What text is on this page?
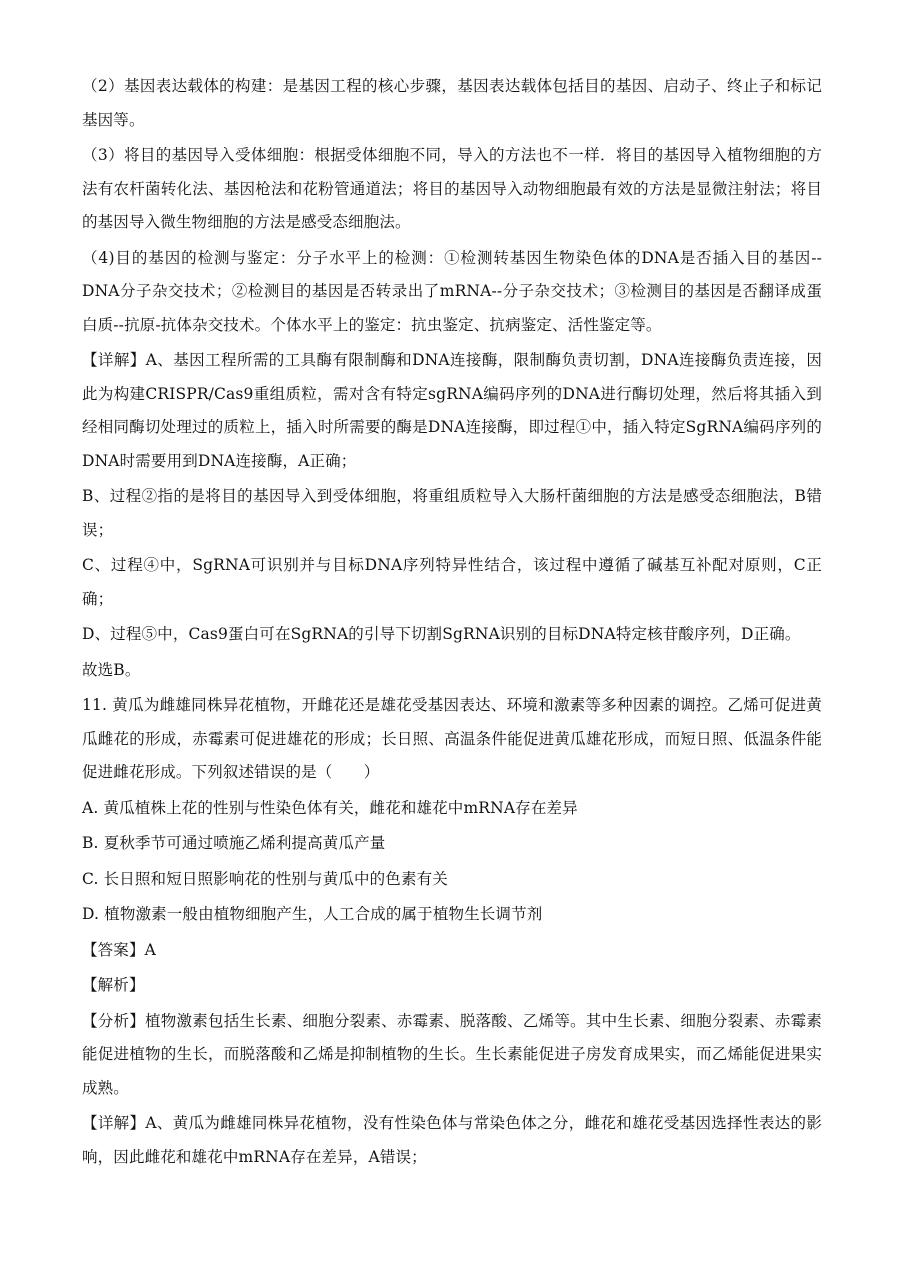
（2）基因表达载体的构建：是基因工程的核心步骤，基因表达载体包括目的基因、启动子、终止子和标记基因等。

（3）将目的基因导入受体细胞：根据受体细胞不同，导入的方法也不一样．将目的基因导入植物细胞的方法有农杆菌转化法、基因枪法和花粉管通道法；将目的基因导入动物细胞最有效的方法是显微注射法；将目的基因导入微生物细胞的方法是感受态细胞法。

（4)目的基因的检测与鉴定：分子水平上的检测：①检测转基因生物染色体的DNA是否插入目的基因--DNA分子杂交技术；②检测目的基因是否转录出了mRNA--分子杂交技术；③检测目的基因是否翻译成蛋白质--抗原-抗体杂交技术。个体水平上的鉴定：抗虫鉴定、抗病鉴定、活性鉴定等。

【详解】A、基因工程所需的工具酶有限制酶和DNA连接酶，限制酶负责切割，DNA连接酶负责连接，因此为构建CRISPR/Cas9重组质粒，需对含有特定sgRNA编码序列的DNA进行酶切处理，然后将其插入到经相同酶切处理过的质粒上，插入时所需要的酶是DNA连接酶，即过程①中，插入特定SgRNA编码序列的DNA时需要用到DNA连接酶，A正确；

B、过程②指的是将目的基因导入到受体细胞，将重组质粒导入大肠杆菌细胞的方法是感受态细胞法，B错误；

C、过程④中，SgRNA可识别并与目标DNA序列特异性结合，该过程中遵循了碱基互补配对原则，C正确；

D、过程⑤中，Cas9蛋白可在SgRNA的引导下切割SgRNA识别的目标DNA特定核苷酸序列，D正确。

故选B。

11. 黄瓜为雌雄同株异花植物，开雌花还是雄花受基因表达、环境和激素等多种因素的调控。乙烯可促进黄瓜雌花的形成，赤霉素可促进雄花的形成；长日照、高温条件能促进黄瓜雄花形成，而短日照、低温条件能促进雌花形成。下列叙述错误的是（　　）

A. 黄瓜植株上花的性别与性染色体有关，雌花和雄花中mRNA存在差异

B. 夏秋季节可通过喷施乙烯利提高黄瓜产量

C. 长日照和短日照影响花的性别与黄瓜中的色素有关

D. 植物激素一般由植物细胞产生，人工合成的属于植物生长调节剂

【答案】A

【解析】

【分析】植物激素包括生长素、细胞分裂素、赤霉素、脱落酸、乙烯等。其中生长素、细胞分裂素、赤霉素能促进植物的生长，而脱落酸和乙烯是抑制植物的生长。生长素能促进子房发育成果实，而乙烯能促进果实成熟。

【详解】A、黄瓜为雌雄同株异花植物，没有性染色体与常染色体之分，雌花和雄花受基因选择性表达的影响，因此雌花和雄花中mRNA存在差异，A错误；
